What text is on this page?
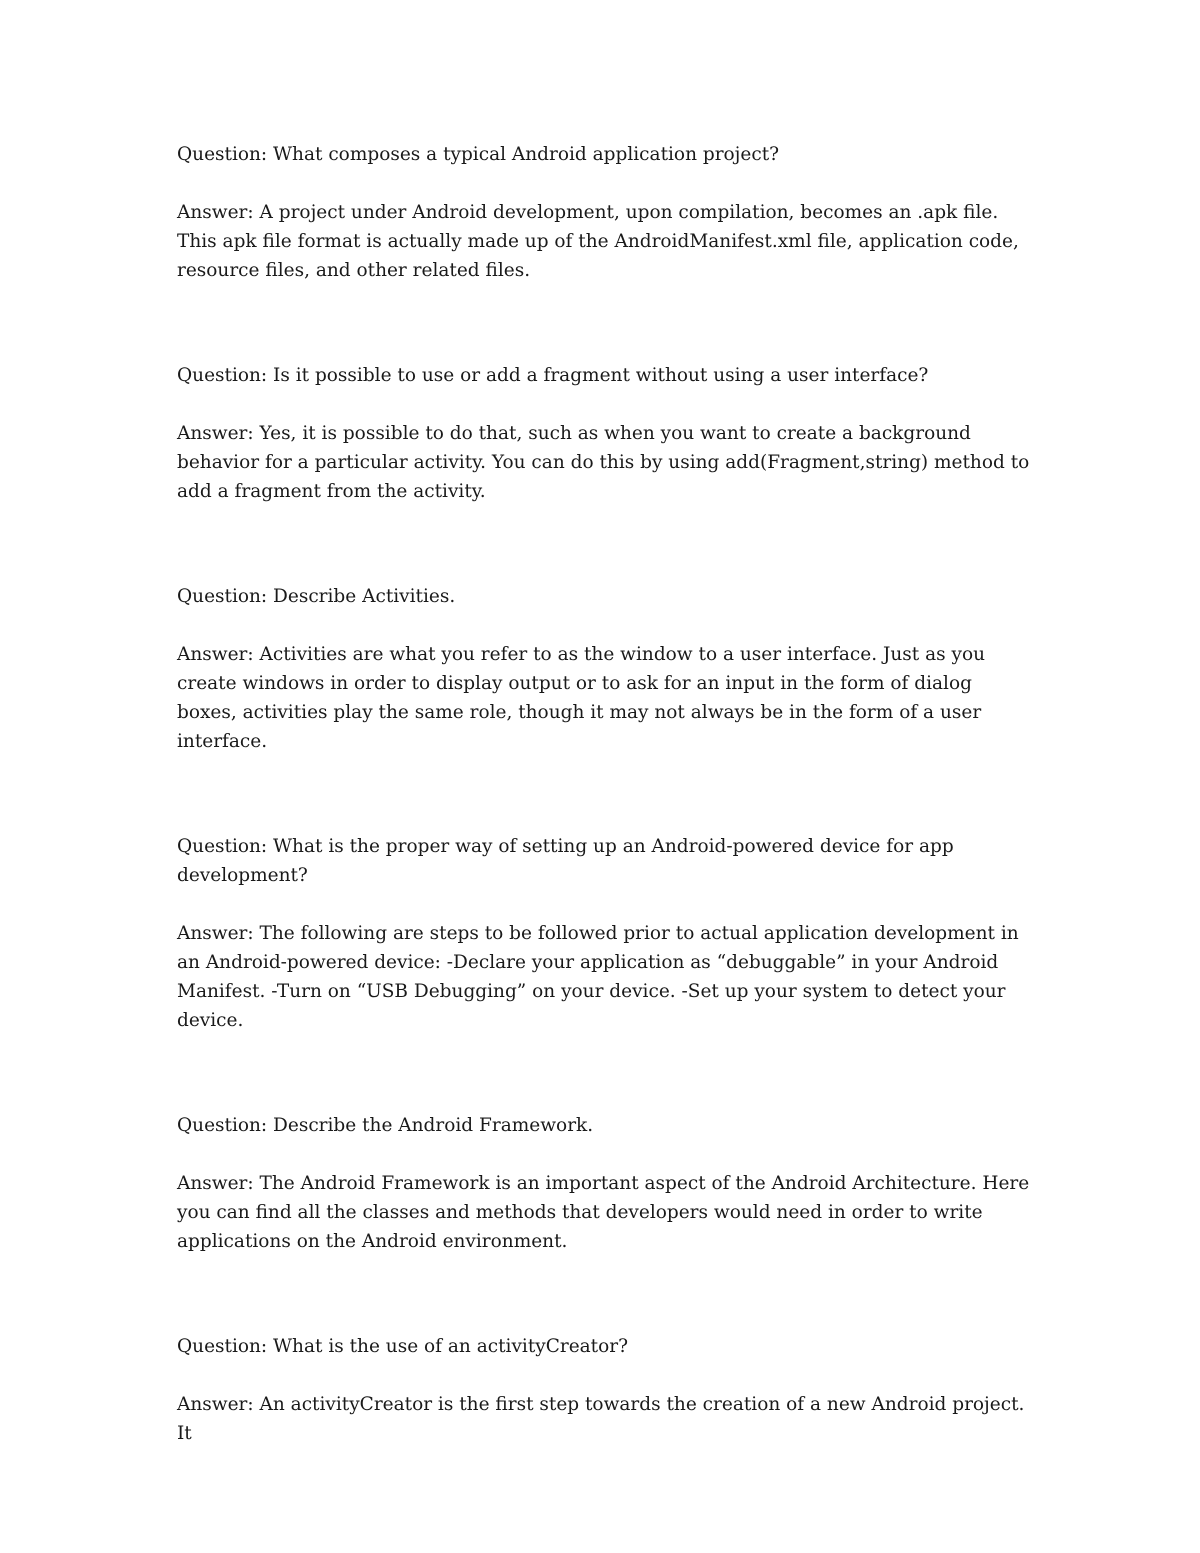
Question: What composes a typical Android application project?

Answer: A project under Android development, upon compilation, becomes an .apk file. This apk file format is actually made up of the AndroidManifest.xml file, application code, resource files, and other related files.

Question: Is it possible to use or add a fragment without using a user interface?

Answer: Yes, it is possible to do that, such as when you want to create a background behavior for a particular activity. You can do this by using add(Fragment,string) method to add a fragment from the activity.

Question: Describe Activities.

Answer: Activities are what you refer to as the window to a user interface. Just as you create windows in order to display output or to ask for an input in the form of dialog boxes, activities play the same role, though it may not always be in the form of a user interface.

Question: What is the proper way of setting up an Android-powered device for app development?

Answer: The following are steps to be followed prior to actual application development in an Android-powered device: -Declare your application as “debuggable” in your Android Manifest. -Turn on “USB Debugging” on your device. -Set up your system to detect your device.

Question: Describe the Android Framework.

Answer: The Android Framework is an important aspect of the Android Architecture. Here you can find all the classes and methods that developers would need in order to write applications on the Android environment.

Question: What is the use of an activityCreator?

Answer: An activityCreator is the first step towards the creation of a new Android project. It
